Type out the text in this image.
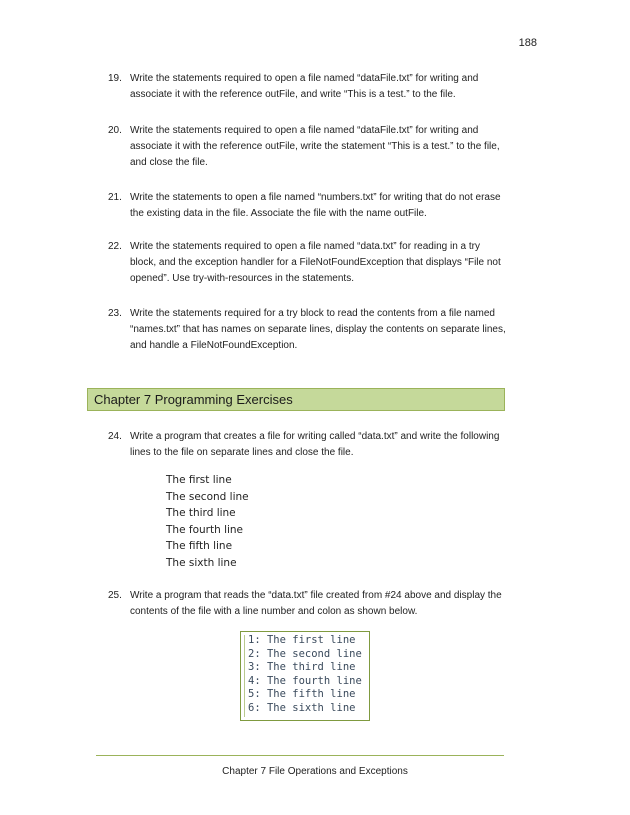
188
19. Write the statements required to open a file named “dataFile.txt” for writing and associate it with the reference outFile, and write “This is a test.” to the file.
20. Write the statements required to open a file named “dataFile.txt” for writing and associate it with the reference outFile, write the statement “This is a test.” to the file, and close the file.
21. Write the statements to open a file named “numbers.txt” for writing that do not erase the existing data in the file. Associate the file with the name outFile.
22. Write the statements required to open a file named “data.txt” for reading in a try block, and the exception handler for a FileNotFoundException that displays “File not opened”. Use try-with-resources in the statements.
23. Write the statements required for a try block to read the contents from a file named “names.txt” that has names on separate lines, display the contents on separate lines, and handle a FileNotFoundException.
Chapter 7 Programming Exercises
24. Write a program that creates a file for writing called “data.txt” and write the following lines to the file on separate lines and close the file.
The first line
The second line
The third line
The fourth line
The fifth line
The sixth line
25. Write a program that reads the “data.txt” file created from #24 above and display the contents of the file with a line number and colon as shown below.
1: The first line
2: The second line
3: The third line
4: The fourth line
5: The fifth line
6: The sixth line
Chapter 7 File Operations and Exceptions
